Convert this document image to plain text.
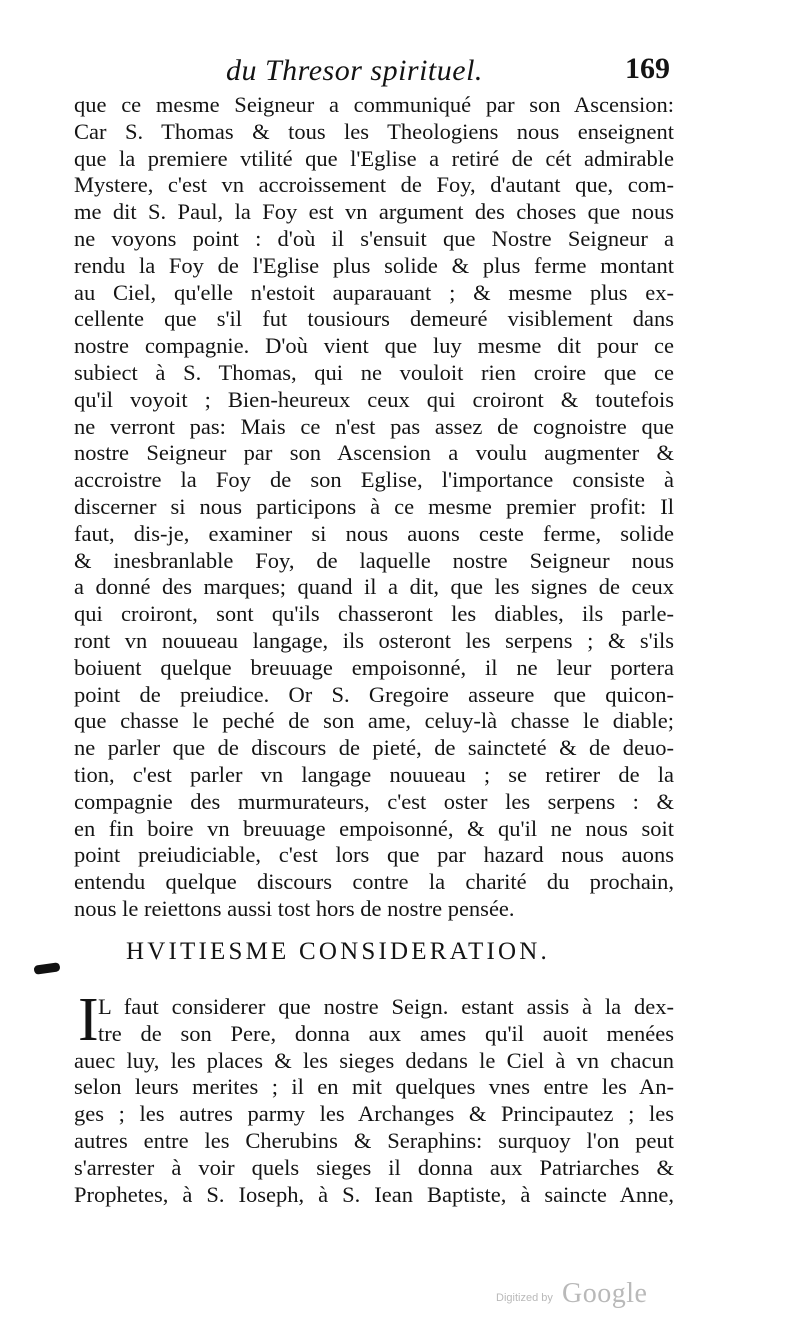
du Thresor spirituel.	169
que ce mesme Seigneur a communiqué par son Ascension:
Car S. Thomas & tous les Theologiens nous enseignent
que la premiere vtilité que l'Eglise a retiré de cét admirable
Mystere, c'est vn accroissement de Foy, d'autant que, com-
me dit S. Paul, la Foy est vn argument des choses que nous
ne voyons point : d'où il s'ensuit que Nostre Seigneur a
rendu la Foy de l'Eglise plus solide & plus ferme montant
au Ciel, qu'elle n'estoit auparauant ; & mesme plus ex-
cellente que s'il fut tousiours demeuré visiblement dans
nostre compagnie. D'où vient que luy mesme dit pour ce
subiect à S. Thomas, qui ne vouloit rien croire que ce
qu'il voyoit ; Bien-heureux ceux qui croiront & toutefois
ne verront pas: Mais ce n'est pas assez de cognoistre que
nostre Seigneur par son Ascension a voulu augmenter &
accroistre la Foy de son Eglise, l'importance consiste à
discerner si nous participons à ce mesme premier profit: Il
faut, dis-je, examiner si nous auons ceste ferme, solide
& inesbranlable Foy, de laquelle nostre Seigneur nous
a donné des marques; quand il a dit, que les signes de ceux
qui croiront, sont qu'ils chasseront les diables, ils parle-
ront vn nouueau langage, ils osteront les serpens ; & s'ils
boiuent quelque breuuage empoisonné, il ne leur portera
point de preiudice. Or S. Gregoire asseure que quicon-
que chasse le peché de son ame, celuy-là chasse le diable;
ne parler que de discours de pieté, de saincteté & de deuo-
tion, c'est parler vn langage nouueau ; se retirer de la
compagnie des murmurateurs, c'est oster les serpens : &
en fin boire vn breuuage empoisonné, & qu'il ne nous soit
point preiudiciable, c'est lors que par hazard nous auons
entendu quelque discours contre la charité du prochain,
nous le reiettons aussi tost hors de nostre pensée.
HVITIESME CONSIDERATION.
I L faut considerer que nostre Seign. estant assis à la dex-
tre de son Pere, donna aux ames qu'il auoit menées
auec luy, les places & les sieges dedans le Ciel à vn chacun
selon leurs merites ; il en mit quelques vnes entre les An-
ges ; les autres parmy les Archanges & Principautez ; les
autres entre les Cherubins & Seraphins: surquoy l'on peut
s'arrester à voir quels sieges il donna aux Patriarches &
Prophetes, à S. Ioseph, à S. Iean Baptiste, à saincte Anne,
Digitized by Google
